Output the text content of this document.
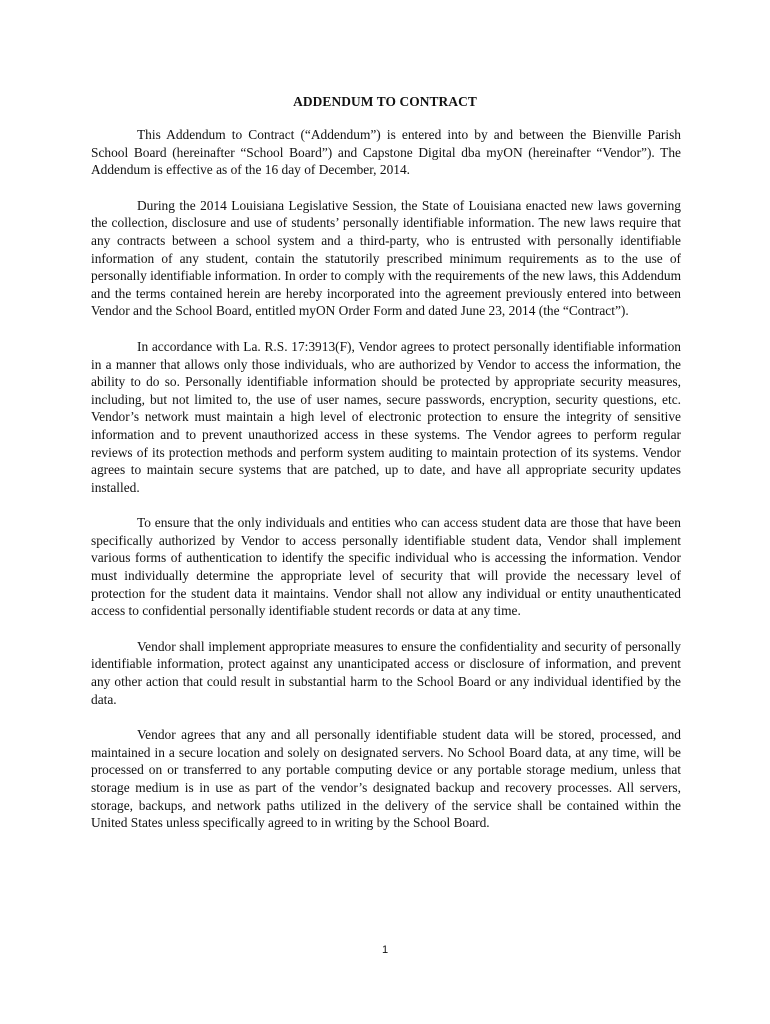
ADDENDUM TO CONTRACT

This Addendum to Contract (“Addendum”) is entered into by and between the Bienville Parish School Board (hereinafter “School Board”) and Capstone Digital dba myON (hereinafter “Vendor”). The Addendum is effective as of the 16 day of December, 2014.

During the 2014 Louisiana Legislative Session, the State of Louisiana enacted new laws governing the collection, disclosure and use of students’ personally identifiable information. The new laws require that any contracts between a school system and a third-party, who is entrusted with personally identifiable information of any student, contain the statutorily prescribed minimum requirements as to the use of personally identifiable information. In order to comply with the requirements of the new laws, this Addendum and the terms contained herein are hereby incorporated into the agreement previously entered into between Vendor and the School Board, entitled myON Order Form and dated June 23, 2014 (the “Contract”).

In accordance with La. R.S. 17:3913(F), Vendor agrees to protect personally identifiable information in a manner that allows only those individuals, who are authorized by Vendor to access the information, the ability to do so. Personally identifiable information should be protected by appropriate security measures, including, but not limited to, the use of user names, secure passwords, encryption, security questions, etc. Vendor’s network must maintain a high level of electronic protection to ensure the integrity of sensitive information and to prevent unauthorized access in these systems. The Vendor agrees to perform regular reviews of its protection methods and perform system auditing to maintain protection of its systems. Vendor agrees to maintain secure systems that are patched, up to date, and have all appropriate security updates installed.

To ensure that the only individuals and entities who can access student data are those that have been specifically authorized by Vendor to access personally identifiable student data, Vendor shall implement various forms of authentication to identify the specific individual who is accessing the information. Vendor must individually determine the appropriate level of security that will provide the necessary level of protection for the student data it maintains. Vendor shall not allow any individual or entity unauthenticated access to confidential personally identifiable student records or data at any time.

Vendor shall implement appropriate measures to ensure the confidentiality and security of personally identifiable information, protect against any unanticipated access or disclosure of information, and prevent any other action that could result in substantial harm to the School Board or any individual identified by the data.

Vendor agrees that any and all personally identifiable student data will be stored, processed, and maintained in a secure location and solely on designated servers. No School Board data, at any time, will be processed on or transferred to any portable computing device or any portable storage medium, unless that storage medium is in use as part of the vendor’s designated backup and recovery processes. All servers, storage, backups, and network paths utilized in the delivery of the service shall be contained within the United States unless specifically agreed to in writing by the School Board.

1
